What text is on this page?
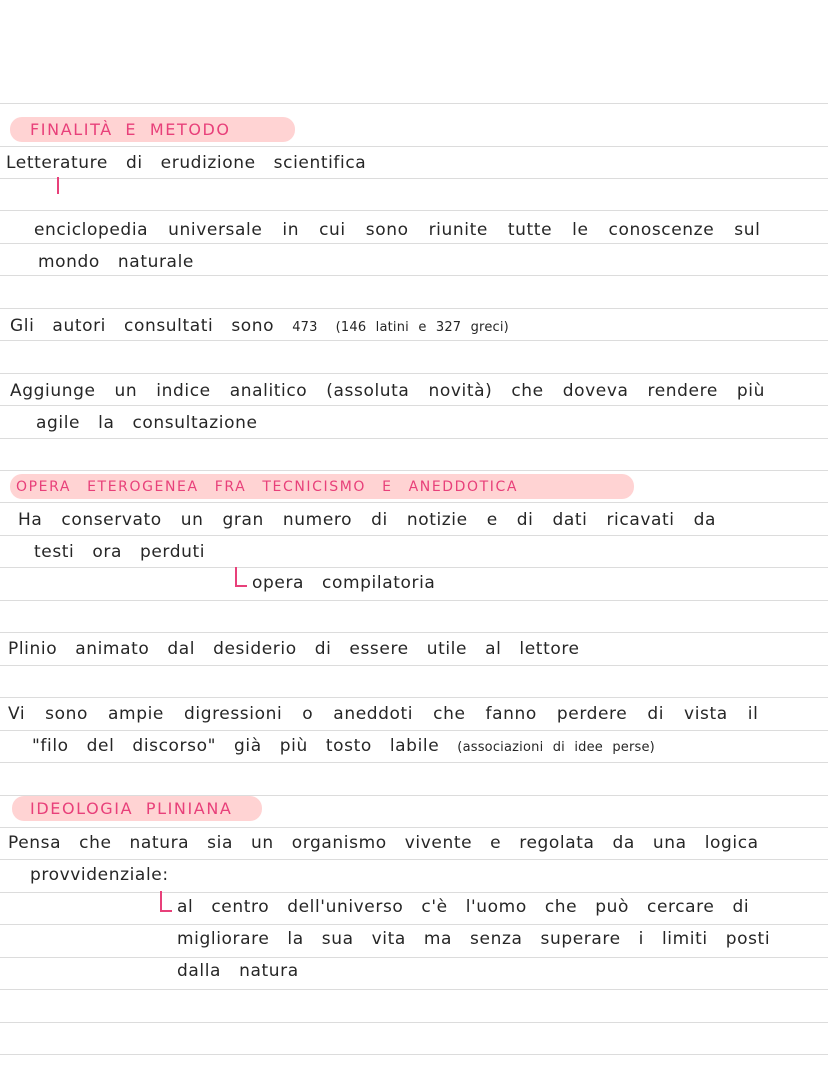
FINALITÀ E METODO
Letterature di erudizione scientifica
enciclopedia universale in cui sono riunite tutte le conoscenze sul
mondo naturale
Gli autori consultati sono 473 (146 latini e 327 greci)
Aggiunge un indice analitico (assoluta novità) che doveva rendere più
agile la consultazione
OPERA ETEROGENEA FRA TECNICISMO E ANEDDOTICA
Ha conservato un gran numero di notizie e di dati ricavati da
testi ora perduti
opera compilatoria
Plinio animato dal desiderio di essere utile al lettore
Vi sono ampie digressioni o aneddoti che fanno perdere di vista il
"filo del discorso" già più tosto labile (associazioni di idee perse)
IDEOLOGIA PLINIANA
Pensa che natura sia un organismo vivente e regolata da una logica
provvidenziale:
al centro dell'universo c'è l'uomo che può cercare di
migliorare la sua vita ma senza superare i limiti posti
dalla natura
